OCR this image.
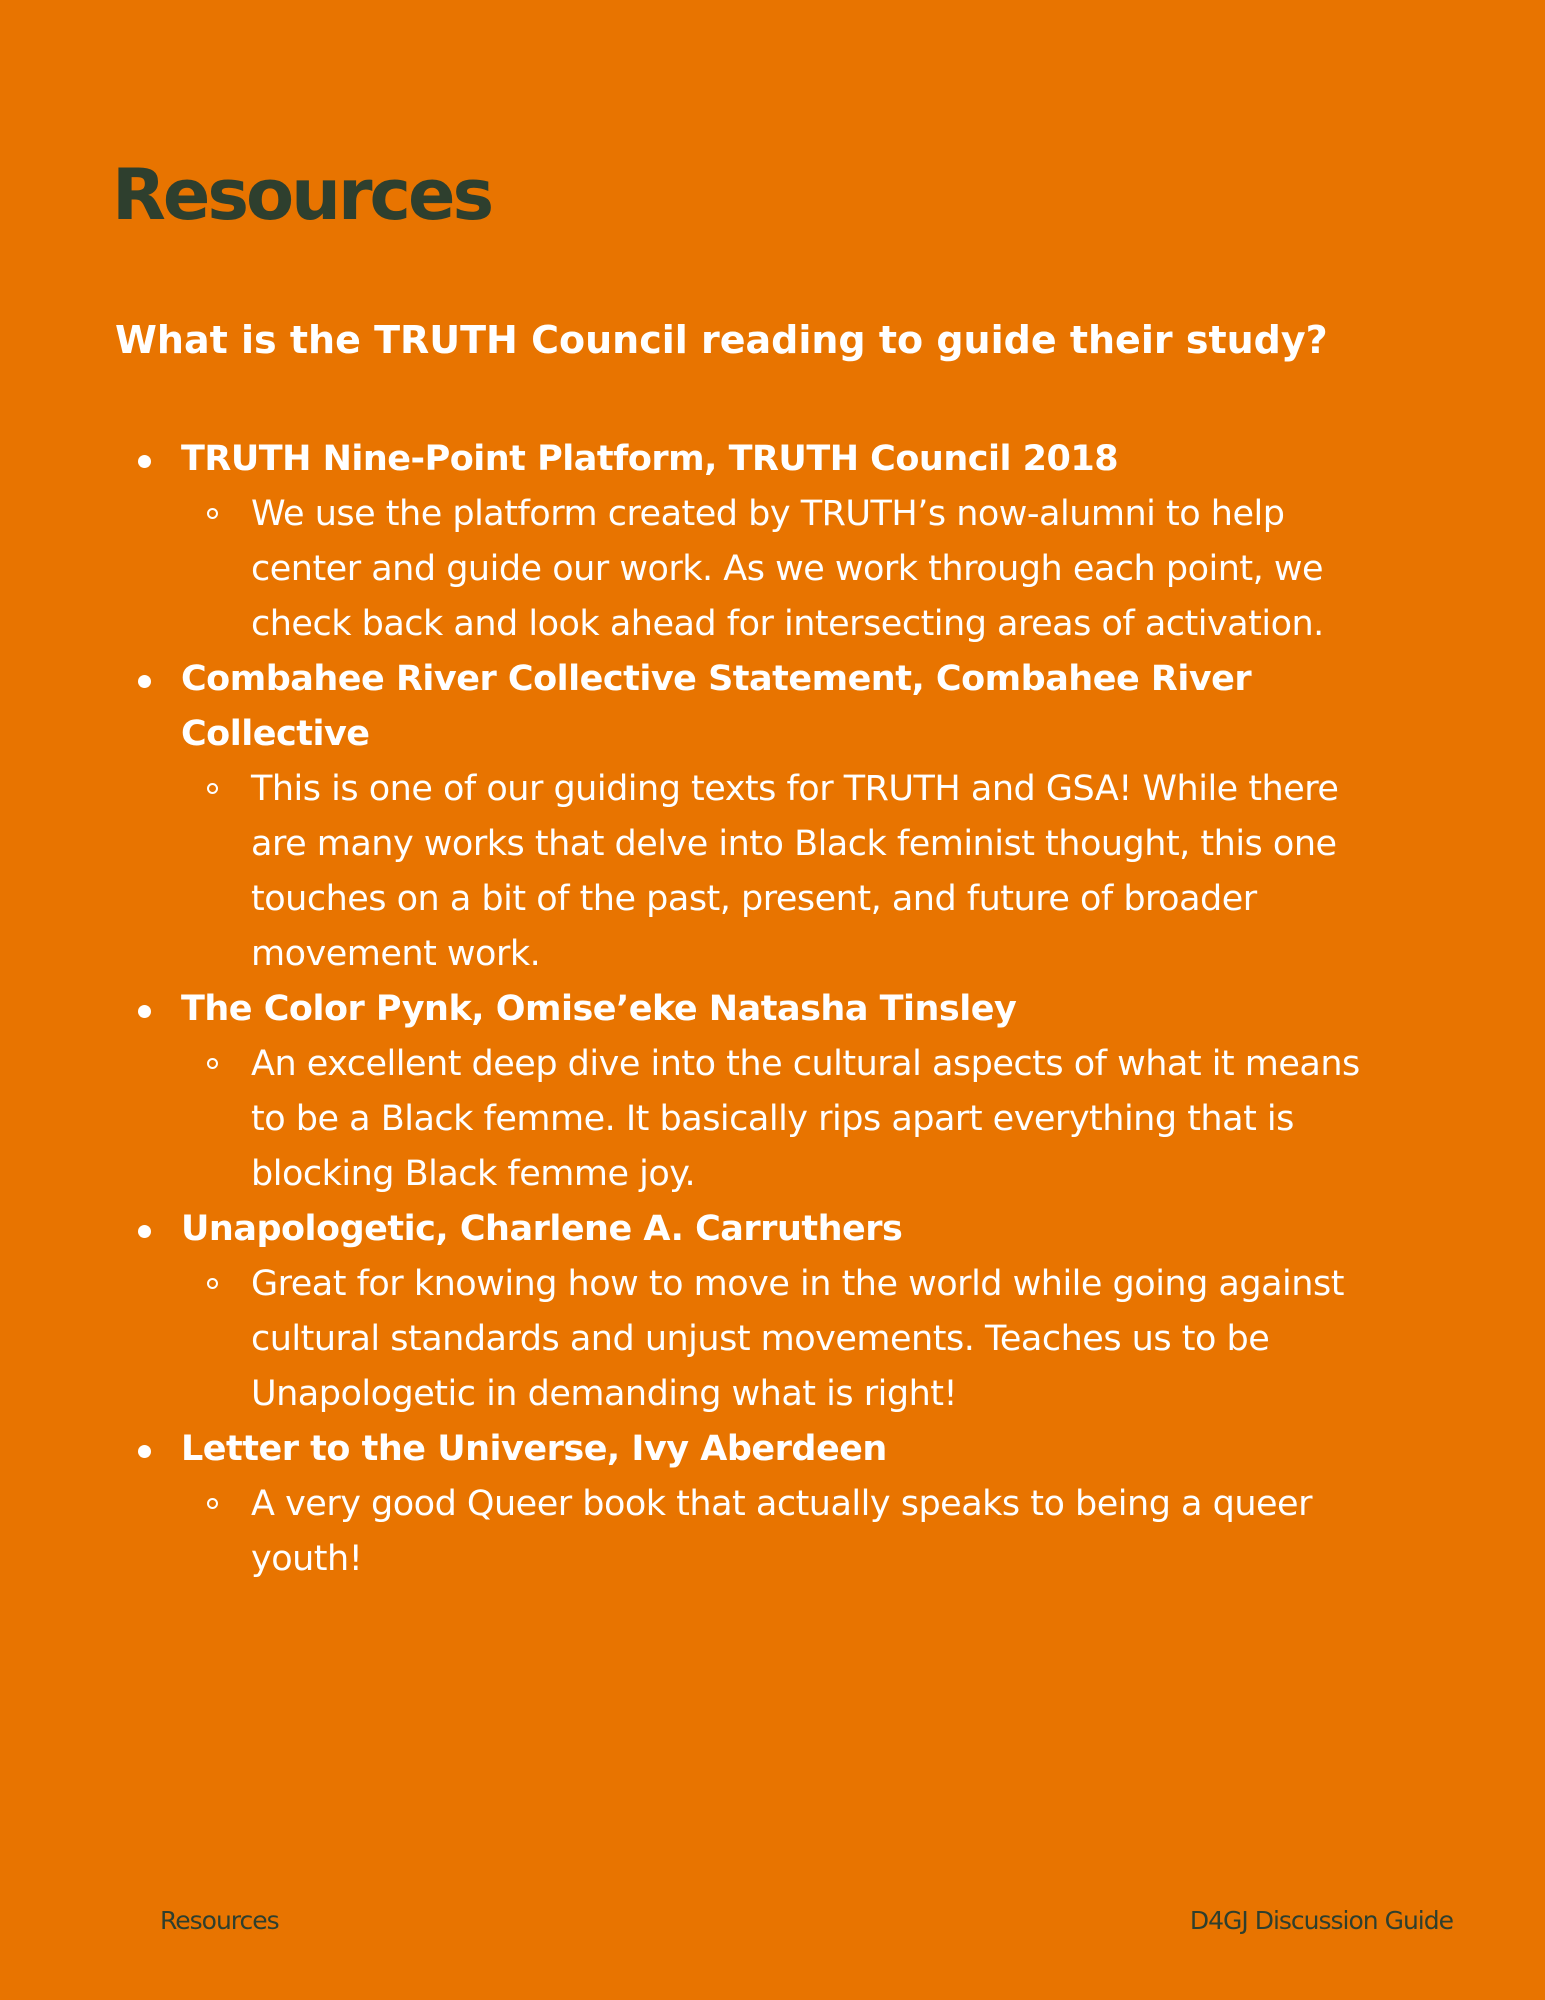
Resources
What is the TRUTH Council reading to guide their study?
TRUTH Nine-Point Platform, TRUTH Council 2018
We use the platform created by TRUTH’s now-alumni to help center and guide our work. As we work through each point, we check back and look ahead for intersecting areas of activation.
Combahee River Collective Statement, Combahee River Collective
This is one of our guiding texts for TRUTH and GSA! While there are many works that delve into Black feminist thought, this one touches on a bit of the past, present, and future of broader movement work.
The Color Pynk, Omise’eke Natasha Tinsley
An excellent deep dive into the cultural aspects of what it means to be a Black femme. It basically rips apart everything that is blocking Black femme joy.
Unapologetic, Charlene A. Carruthers
Great for knowing how to move in the world while going against cultural standards and unjust movements. Teaches us to be Unapologetic in demanding what is right!
Letter to the Universe, Ivy Aberdeen
A very good Queer book that actually speaks to being a queer youth!
Resources	D4GJ Discussion Guide
